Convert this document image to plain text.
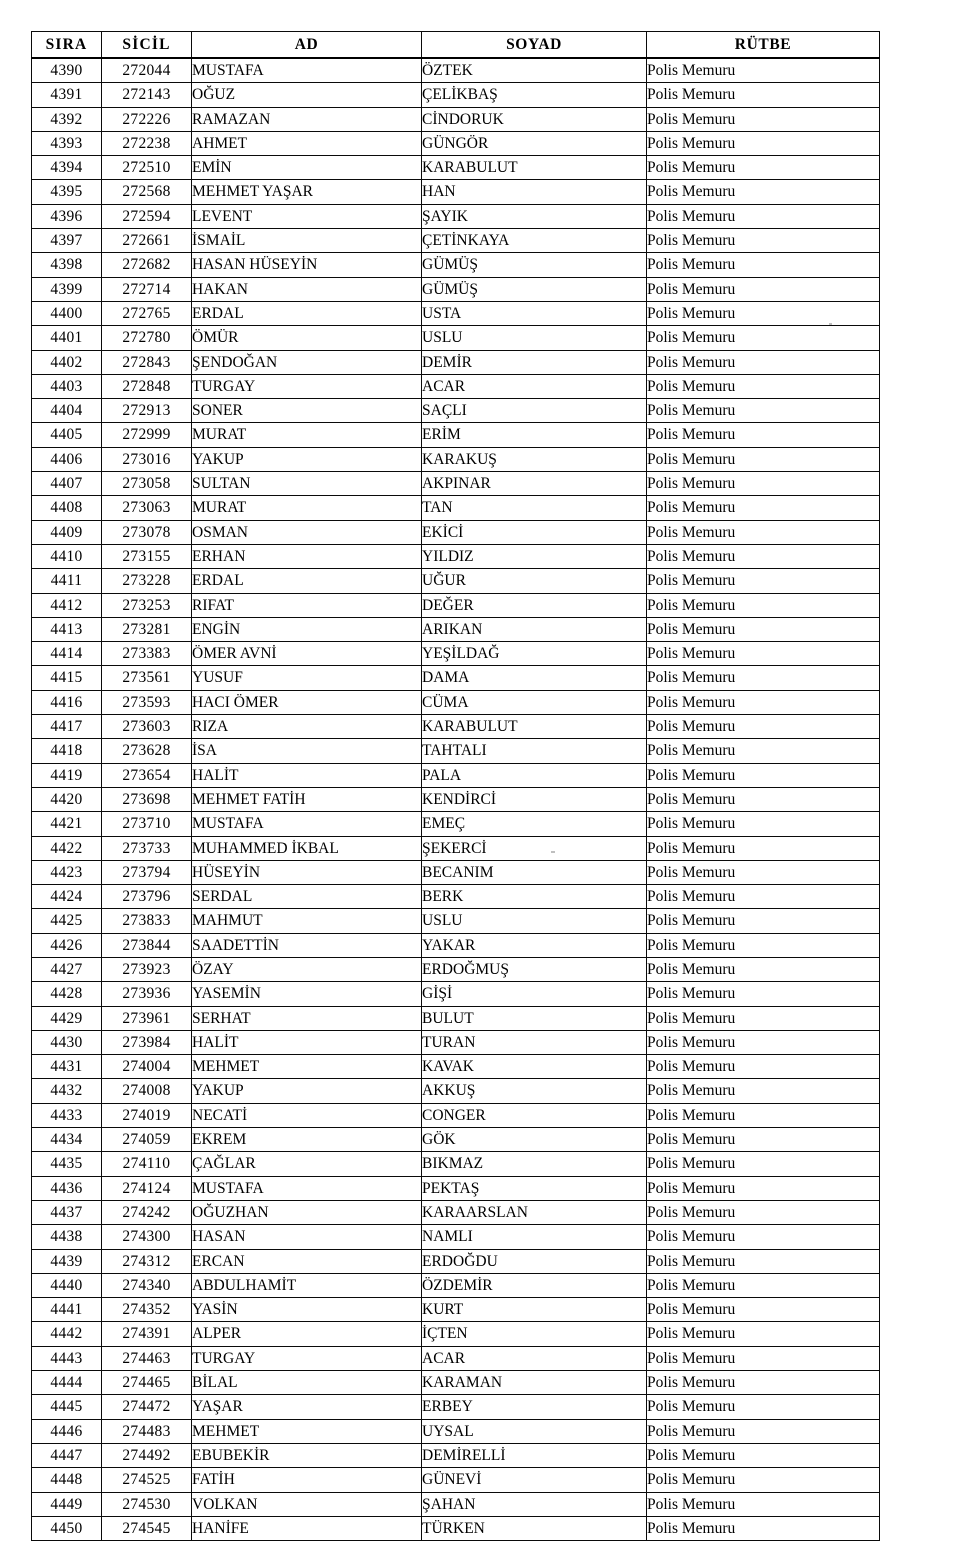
SIRA	SİCİL	AD	SOYAD	RÜTBE
4390	272044	MUSTAFA	ÖZTEK	Polis Memuru
4391	272143	OĞUZ	ÇELİKBAŞ	Polis Memuru
4392	272226	RAMAZAN	CİNDORUK	Polis Memuru
4393	272238	AHMET	GÜNGÖR	Polis Memuru
4394	272510	EMİN	KARABULUT	Polis Memuru
4395	272568	MEHMET YAŞAR	HAN	Polis Memuru
4396	272594	LEVENT	ŞAYIK	Polis Memuru
4397	272661	İSMAİL	ÇETİNKAYA	Polis Memuru
4398	272682	HASAN HÜSEYİN	GÜMÜŞ	Polis Memuru
4399	272714	HAKAN	GÜMÜŞ	Polis Memuru
4400	272765	ERDAL	USTA	Polis Memuru
4401	272780	ÖMÜR	USLU	Polis Memuru
4402	272843	ŞENDOĞAN	DEMİR	Polis Memuru
4403	272848	TURGAY	ACAR	Polis Memuru
4404	272913	SONER	SAÇLI	Polis Memuru
4405	272999	MURAT	ERİM	Polis Memuru
4406	273016	YAKUP	KARAKUŞ	Polis Memuru
4407	273058	SULTAN	AKPINAR	Polis Memuru
4408	273063	MURAT	TAN	Polis Memuru
4409	273078	OSMAN	EKİCİ	Polis Memuru
4410	273155	ERHAN	YILDIZ	Polis Memuru
4411	273228	ERDAL	UĞUR	Polis Memuru
4412	273253	RIFAT	DEĞER	Polis Memuru
4413	273281	ENGİN	ARIKAN	Polis Memuru
4414	273383	ÖMER AVNİ	YEŞİLDAĞ	Polis Memuru
4415	273561	YUSUF	DAMA	Polis Memuru
4416	273593	HACI ÖMER	CÜMA	Polis Memuru
4417	273603	RIZA	KARABULUT	Polis Memuru
4418	273628	İSA	TAHTALI	Polis Memuru
4419	273654	HALİT	PALA	Polis Memuru
4420	273698	MEHMET FATİH	KENDİRCİ	Polis Memuru
4421	273710	MUSTAFA	EMEÇ	Polis Memuru
4422	273733	MUHAMMED İKBAL	ŞEKERCİ	Polis Memuru
4423	273794	HÜSEYİN	BECANIM	Polis Memuru
4424	273796	SERDAL	BERK	Polis Memuru
4425	273833	MAHMUT	USLU	Polis Memuru
4426	273844	SAADETTİN	YAKAR	Polis Memuru
4427	273923	ÖZAY	ERDOĞMUŞ	Polis Memuru
4428	273936	YASEMİN	GİŞİ	Polis Memuru
4429	273961	SERHAT	BULUT	Polis Memuru
4430	273984	HALİT	TURAN	Polis Memuru
4431	274004	MEHMET	KAVAK	Polis Memuru
4432	274008	YAKUP	AKKUŞ	Polis Memuru
4433	274019	NECATİ	CONGER	Polis Memuru
4434	274059	EKREM	GÖK	Polis Memuru
4435	274110	ÇAĞLAR	BIKMAZ	Polis Memuru
4436	274124	MUSTAFA	PEKTAŞ	Polis Memuru
4437	274242	OĞUZHAN	KARAARSLAN	Polis Memuru
4438	274300	HASAN	NAMLI	Polis Memuru
4439	274312	ERCAN	ERDOĞDU	Polis Memuru
4440	274340	ABDULHAMİT	ÖZDEMİR	Polis Memuru
4441	274352	YASİN	KURT	Polis Memuru
4442	274391	ALPER	İÇTEN	Polis Memuru
4443	274463	TURGAY	ACAR	Polis Memuru
4444	274465	BİLAL	KARAMAN	Polis Memuru
4445	274472	YAŞAR	ERBEY	Polis Memuru
4446	274483	MEHMET	UYSAL	Polis Memuru
4447	274492	EBUBEKİR	DEMİRELLİ	Polis Memuru
4448	274525	FATİH	GÜNEVİ	Polis Memuru
4449	274530	VOLKAN	ŞAHAN	Polis Memuru
4450	274545	HANİFE	TÜRKEN	Polis Memuru
